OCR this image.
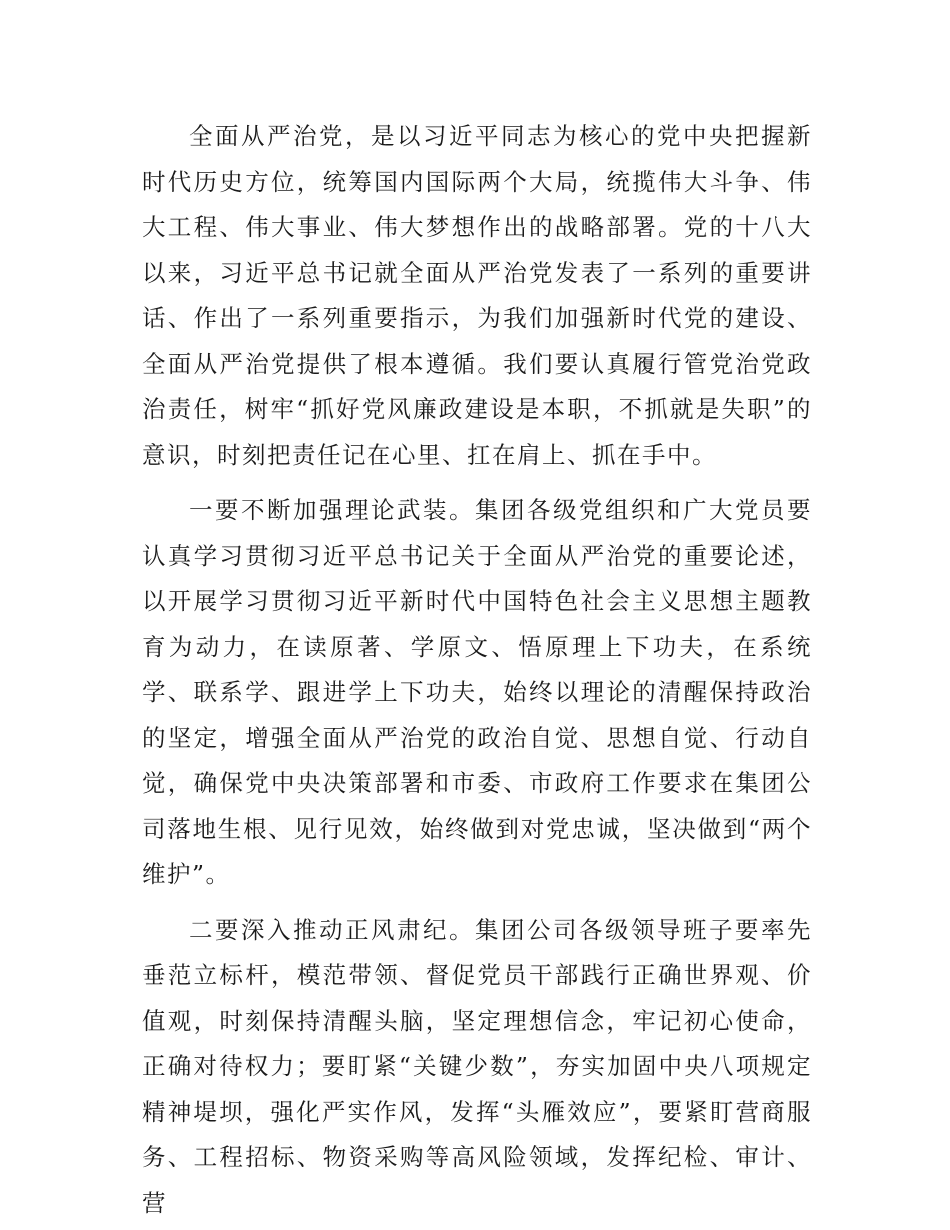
全面从严治党，是以习近平同志为核心的党中央把握新时代历史方位，统筹国内国际两个大局，统揽伟大斗争、伟大工程、伟大事业、伟大梦想作出的战略部署。党的十八大以来，习近平总书记就全面从严治党发表了一系列的重要讲话、作出了一系列重要指示，为我们加强新时代党的建设、全面从严治党提供了根本遵循。我们要认真履行管党治党政治责任，树牢“抓好党风廉政建设是本职，不抓就是失职”的意识，时刻把责任记在心里、扛在肩上、抓在手中。

一要不断加强理论武装。集团各级党组织和广大党员要认真学习贯彻习近平总书记关于全面从严治党的重要论述，以开展学习贯彻习近平新时代中国特色社会主义思想主题教育为动力，在读原著、学原文、悟原理上下功夫，在系统学、联系学、跟进学上下功夫，始终以理论的清醒保持政治的坚定，增强全面从严治党的政治自觉、思想自觉、行动自觉，确保党中央决策部署和市委、市政府工作要求在集团公司落地生根、见行见效，始终做到对党忠诚，坚决做到“两个维护”。

二要深入推动正风肃纪。集团公司各级领导班子要率先垂范立标杆，模范带领、督促党员干部践行正确世界观、价值观，时刻保持清醒头脑，坚定理想信念，牢记初心使命，正确对待权力；要盯紧“关键少数”，夯实加固中央八项规定精神堤坝，强化严实作风，发挥“头雁效应”，要紧盯营商服务、工程招标、物资采购等高风险领域，发挥纪检、审计、营
